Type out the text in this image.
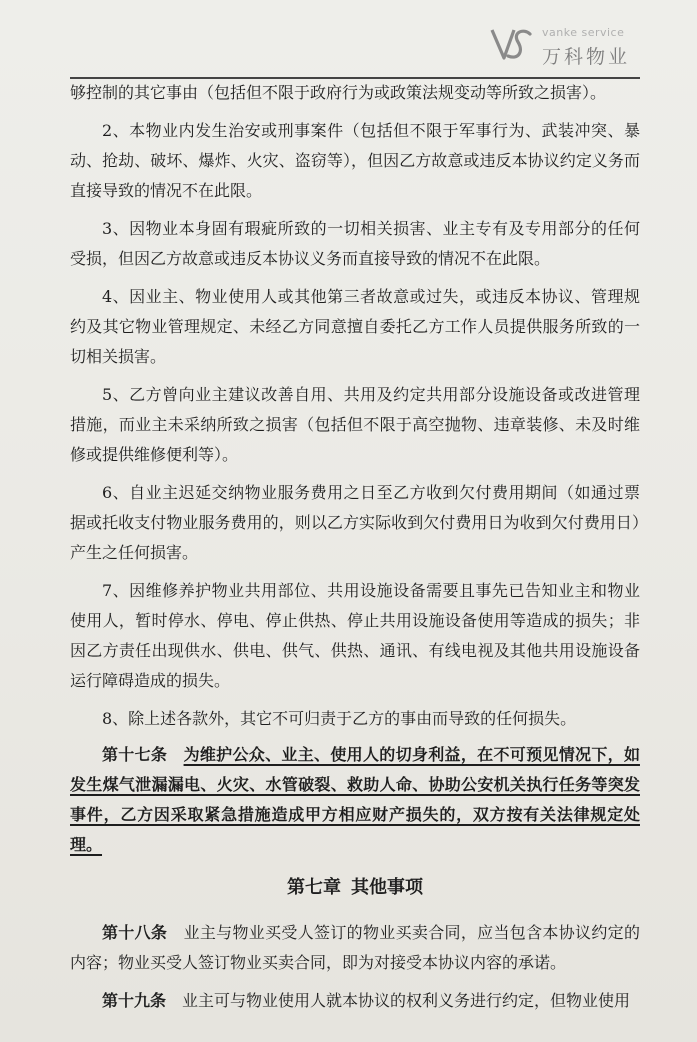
vanke service
万科物业

够控制的其它事由（包括但不限于政府行为或政策法规变动等所致之损害）。

2、本物业内发生治安或刑事案件（包括但不限于军事行为、武装冲突、暴动、抢劫、破坏、爆炸、火灾、盗窃等），但因乙方故意或违反本协议约定义务而直接导致的情况不在此限。

3、因物业本身固有瑕疵所致的一切相关损害、业主专有及专用部分的任何受损，但因乙方故意或违反本协议义务而直接导致的情况不在此限。

4、因业主、物业使用人或其他第三者故意或过失，或违反本协议、管理规约及其它物业管理规定、未经乙方同意擅自委托乙方工作人员提供服务所致的一切相关损害。

5、乙方曾向业主建议改善自用、共用及约定共用部分设施设备或改进管理措施，而业主未采纳所致之损害（包括但不限于高空抛物、违章装修、未及时维修或提供维修便利等）。

6、自业主迟延交纳物业服务费用之日至乙方收到欠付费用期间（如通过票据或托收支付物业服务费用的，则以乙方实际收到欠付费用日为收到欠付费用日）产生之任何损害。

7、因维修养护物业共用部位、共用设施设备需要且事先已告知业主和物业使用人，暂时停水、停电、停止供热、停止共用设施设备使用等造成的损失；非因乙方责任出现供水、供电、供气、供热、通讯、有线电视及其他共用设施设备运行障碍造成的损失。

8、除上述各款外，其它不可归责于乙方的事由而导致的任何损失。

第十七条　 为维护公众、业主、使用人的切身利益，在不可预见情况下，如发生煤气泄漏漏电、火灾、水管破裂、救助人命、协助公安机关执行任务等突发事件，乙方因采取紧急措施造成甲方相应财产损失的，双方按有关法律规定处理。

第七章 其他事项

第十八条　 业主与物业买受人签订的物业买卖合同，应当包含本协议约定的内容；物业买受人签订物业买卖合同，即为对接受本协议内容的承诺。

第十九条　 业主可与物业使用人就本协议的权利义务进行约定，但物业使用
